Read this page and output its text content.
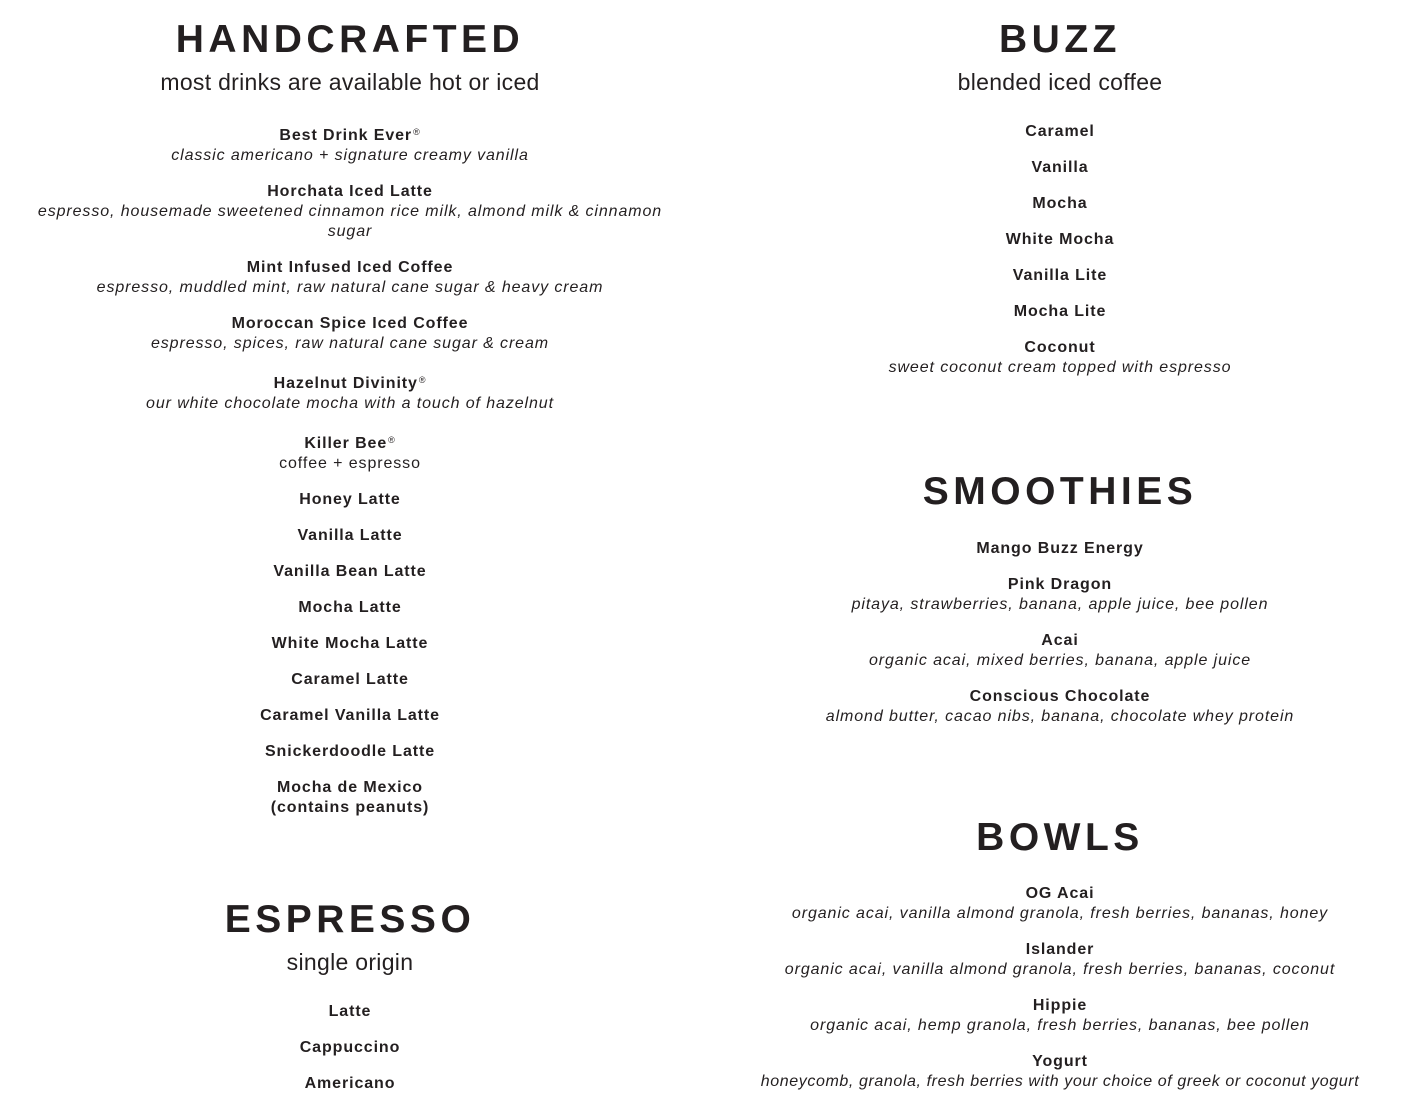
HANDCRAFTED
most drinks are available hot or iced
Best Drink Ever®
classic americano + signature creamy vanilla
Horchata Iced Latte
espresso, housemade sweetened cinnamon rice milk, almond milk & cinnamon sugar
Mint Infused Iced Coffee
espresso, muddled mint, raw natural cane sugar & heavy cream
Moroccan Spice Iced Coffee
espresso, spices, raw natural cane sugar & cream
Hazelnut Divinity®
our white chocolate mocha with a touch of hazelnut
Killer Bee®
coffee + espresso
Honey Latte
Vanilla Latte
Vanilla Bean Latte
Mocha Latte
White Mocha Latte
Caramel Latte
Caramel Vanilla Latte
Snickerdoodle Latte
Mocha de Mexico
(contains peanuts)
ESPRESSO
single origin
Latte
Cappuccino
Americano
BUZZ
blended iced coffee
Caramel
Vanilla
Mocha
White Mocha
Vanilla Lite
Mocha Lite
Coconut
sweet coconut cream topped with espresso
SMOOTHIES
Mango Buzz Energy
Pink Dragon
pitaya, strawberries, banana, apple juice, bee pollen
Acai
organic acai, mixed berries, banana, apple juice
Conscious Chocolate
almond butter, cacao nibs, banana, chocolate whey protein
BOWLS
OG Acai
organic acai, vanilla almond granola, fresh berries, bananas, honey
Islander
organic acai, vanilla almond granola, fresh berries, bananas, coconut
Hippie
organic acai, hemp granola, fresh berries, bananas, bee pollen
Yogurt
honeycomb, granola, fresh berries with your choice of greek or coconut yogurt
